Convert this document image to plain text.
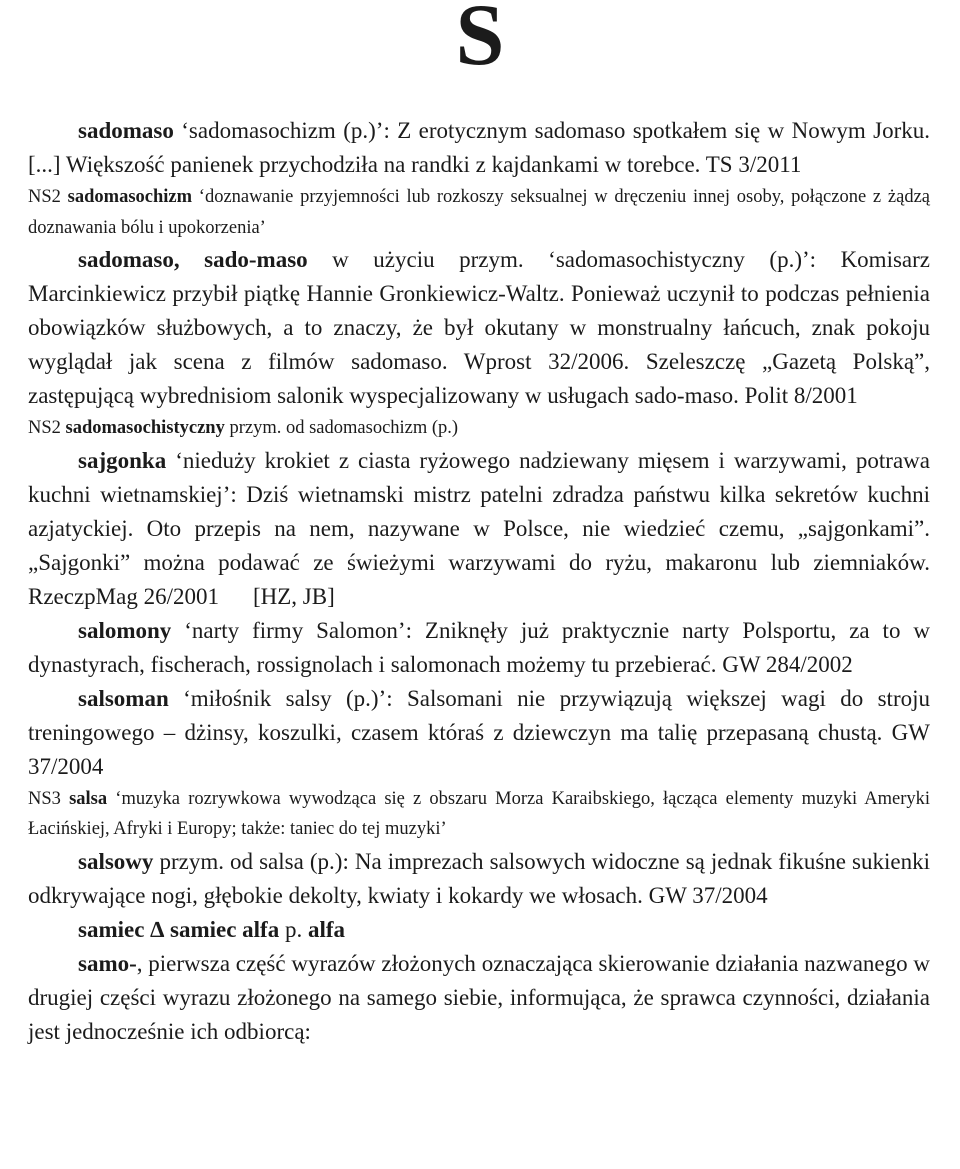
S

sadomaso ‘sadomasochizm (p.)’: Z erotycznym sadomaso spotkałem się w Nowym Jorku. [...] Większość panienek przychodziła na randki z kajdankami w torebce. TS 3/2011

NS2 sadomasochizm ‘doznawanie przyjemności lub rozkoszy seksualnej w dręczeniu innej osoby, połączone z żądzą doznawania bólu i upokorzenia’

sadomaso, sado-maso w użyciu przym. ‘sadomasochistyczny (p.)’: Komisarz Marcinkiewicz przybił piątkę Hannie Gronkiewicz-Waltz. Ponieważ uczynił to podczas pełnienia obowiązków służbowych, a to znaczy, że był okutany w monstrualny łańcuch, znak pokoju wyglądał jak scena z filmów sadomaso. Wprost 32/2006. Szeleszczę „Gazetą Polską”, zastępującą wybrednisiom salonik wyspecjalizowany w usługach sado-maso. Polit 8/2001

NS2 sadomasochistyczny przym. od sadomasochizm (p.)

sajgonka ‘nieduży krokiet z ciasta ryżowego nadziewany mięsem i warzywami, potrawa kuchni wietnamskiej’: Dziś wietnamski mistrz patelni zdradza państwu kilka sekretów kuchni azjatyckiej. Oto przepis na nem, nazywane w Polsce, nie wiedzieć czemu, „sajgonkami”. „Sajgonki” można podawać ze świeżymi warzywami do ryżu, makaronu lub ziemniaków. RzeczpMag 26/2001 [HZ, JB]

salomony ‘narty firmy Salomon’: Zniknęły już praktycznie narty Polsportu, za to w dynastyrach, fischerach, rossignolach i salomonach możemy tu przebierać. GW 284/2002

salsoman ‘miłośnik salsy (p.)’: Salsomani nie przywiązują większej wagi do stroju treningowego – dżinsy, koszulki, czasem któraś z dziewczyn ma talię przepasaną chustą. GW 37/2004

NS3 salsa ‘muzyka rozrywkowa wywodząca się z obszaru Morza Karaibskiego, łącząca elementy muzyki Ameryki Łacińskiej, Afryki i Europy; także: taniec do tej muzyki’

salsowy przym. od salsa (p.): Na imprezach salsowych widoczne są jednak fikuśne sukienki odkrywające nogi, głębokie dekolty, kwiaty i kokardy we włosach. GW 37/2004

samiec ∆ samiec alfa p. alfa

samo-, pierwsza część wyrazów złożonych oznaczająca skierowanie działania nazwanego w drugiej części wyrazu złożonego na samego siebie, informująca, że sprawca czynności, działania jest jednocześnie ich odbiorcą:
